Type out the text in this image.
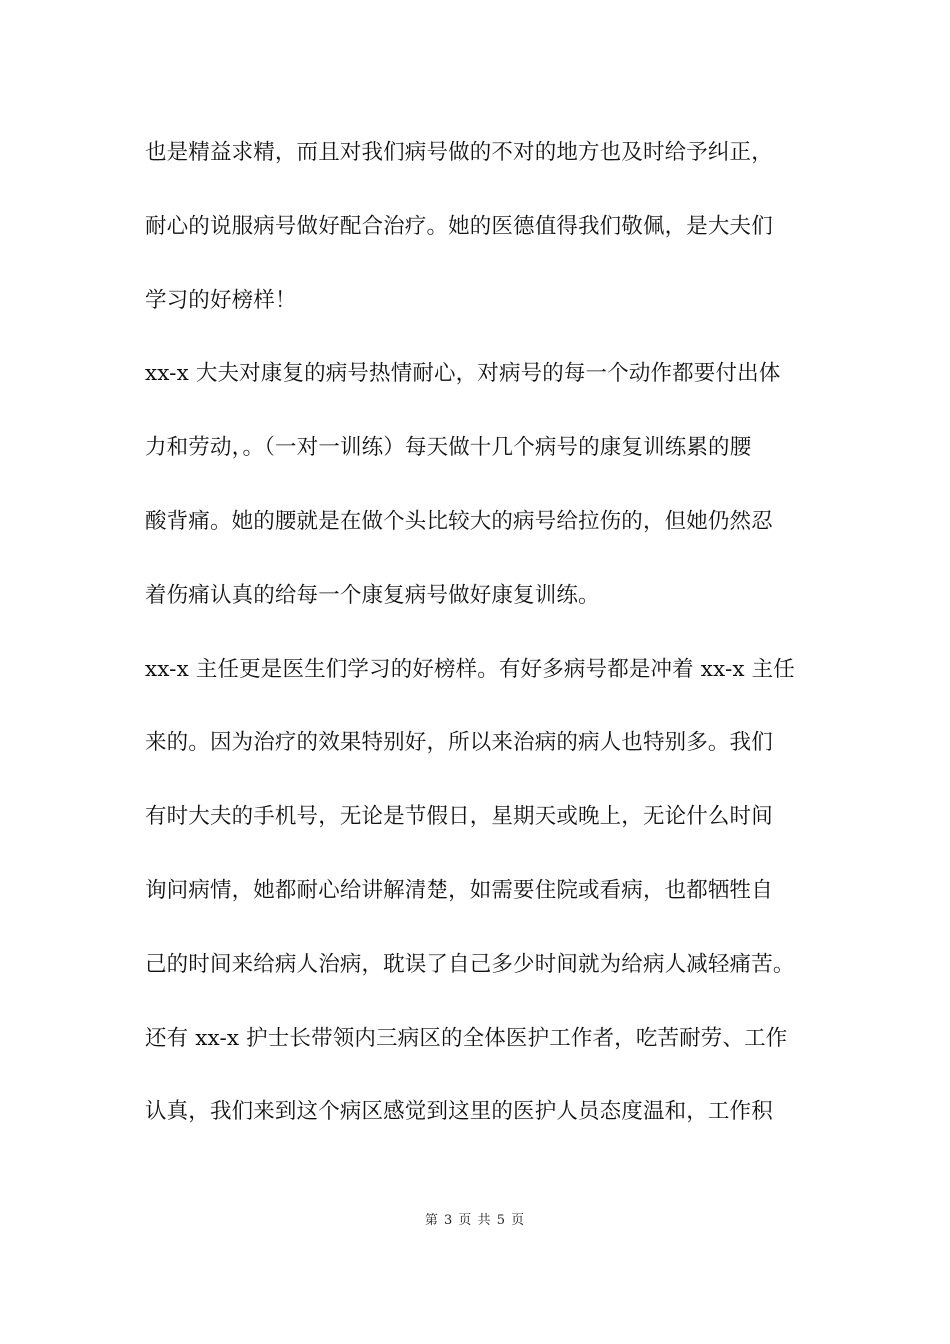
也是精益求精，而且对我们病号做的不对的地方也及时给予纠正，
耐心的说服病号做好配合治疗。她的医德值得我们敬佩，是大夫们
学习的好榜样！
xx-x 大夫对康复的病号热情耐心，对病号的每一个动作都要付出体
力和劳动，。（一对一训练）每天做十几个病号的康复训练累的腰
酸背痛。她的腰就是在做个头比较大的病号给拉伤的，但她仍然忍
着伤痛认真的给每一个康复病号做好康复训练。
xx-x 主任更是医生们学习的好榜样。有好多病号都是冲着 xx-x 主任
来的。因为治疗的效果特别好，所以来治病的病人也特别多。我们
有时大夫的手机号，无论是节假日，星期天或晚上，无论什么时间
询问病情，她都耐心给讲解清楚，如需要住院或看病，也都牺牲自
己的时间来给病人治病，耽误了自己多少时间就为给病人减轻痛苦。
还有 xx-x 护士长带领内三病区的全体医护工作者，吃苦耐劳、工作
认真，我们来到这个病区感觉到这里的医护人员态度温和，工作积
第 3 页 共 5 页
